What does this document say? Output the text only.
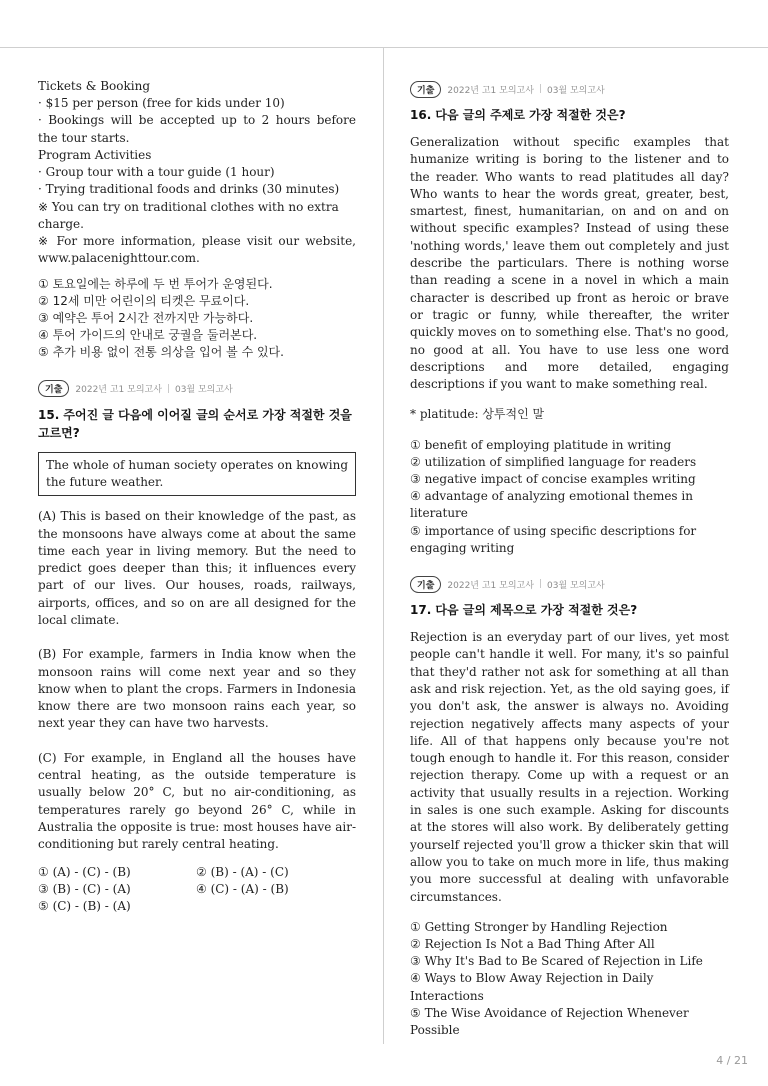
Tickets & Booking

· $15 per person (free for kids under 10)

· Bookings will be accepted up to 2 hours before the tour starts.

Program Activities

· Group tour with a tour guide (1 hour)

· Trying traditional foods and drinks (30 minutes)

※ You can try on traditional clothes with no extra charge.

※ For more information, please visit our website, www.palacenighttour.com.

① 토요일에는 하루에 두 번 투어가 운영된다.

② 12세 미만 어린이의 티켓은 무료이다.

③ 예약은 투어 2시간 전까지만 가능하다.

④ 투어 가이드의 안내로 궁궐을 둘러본다.

⑤ 추가 비용 없이 전통 의상을 입어 볼 수 있다.

기출	2022년 고1 모의고사 | 03월 모의고사
15. 주어진 글 다음에 이어질 글의 순서로 가장 적절한 것을 고르면?

The whole of human society operates on knowing the future weather.

(A) This is based on their knowledge of the past, as the monsoons have always come at about the same time each year in living memory. But the need to predict goes deeper than this; it influences every part of our lives. Our houses, roads, railways, airports, offices, and so on are all designed for the local climate.

(B) For example, farmers in India know when the monsoon rains will come next year and so they know when to plant the crops. Farmers in Indonesia know there are two monsoon rains each year, so next year they can have two harvests.

(C) For example, in England all the houses have central heating, as the outside temperature is usually below 20° C, but no air-conditioning, as temperatures rarely go beyond 26° C, while in Australia the opposite is true: most houses have air-conditioning but rarely central heating.

① (A) - (C) - (B)	② (B) - (A) - (C)

③ (B) - (C) - (A)	④ (C) - (A) - (B)

⑤ (C) - (B) - (A)

기출	2022년 고1 모의고사 | 03월 모의고사
16. 다음 글의 주제로 가장 적절한 것은?

Generalization without specific examples that humanize writing is boring to the listener and to the reader. Who wants to read platitudes all day? Who wants to hear the words great, greater, best, smartest, finest, humanitarian, on and on and on without specific examples? Instead of using these 'nothing words,' leave them out completely and just describe the particulars. There is nothing worse than reading a scene in a novel in which a main character is described up front as heroic or brave or tragic or funny, while thereafter, the writer quickly moves on to something else. That's no good, no good at all. You have to use less one word descriptions and more detailed, engaging descriptions if you want to make something real.

* platitude: 상투적인 말

① benefit of employing platitude in writing

② utilization of simplified language for readers

③ negative impact of concise examples writing

④ advantage of analyzing emotional themes in literature

⑤ importance of using specific descriptions for engaging writing

기출	2022년 고1 모의고사 | 03월 모의고사
17. 다음 글의 제목으로 가장 적절한 것은?

Rejection is an everyday part of our lives, yet most people can't handle it well. For many, it's so painful that they'd rather not ask for something at all than ask and risk rejection. Yet, as the old saying goes, if you don't ask, the answer is always no. Avoiding rejection negatively affects many aspects of your life. All of that happens only because you're not tough enough to handle it. For this reason, consider rejection therapy. Come up with a request or an activity that usually results in a rejection. Working in sales is one such example. Asking for discounts at the stores will also work. By deliberately getting yourself rejected you'll grow a thicker skin that will allow you to take on much more in life, thus making you more successful at dealing with unfavorable circumstances.

① Getting Stronger by Handling Rejection

② Rejection Is Not a Bad Thing After All

③ Why It's Bad to Be Scared of Rejection in Life

④ Ways to Blow Away Rejection in Daily Interactions

⑤ The Wise Avoidance of Rejection Whenever Possible

4 / 21
